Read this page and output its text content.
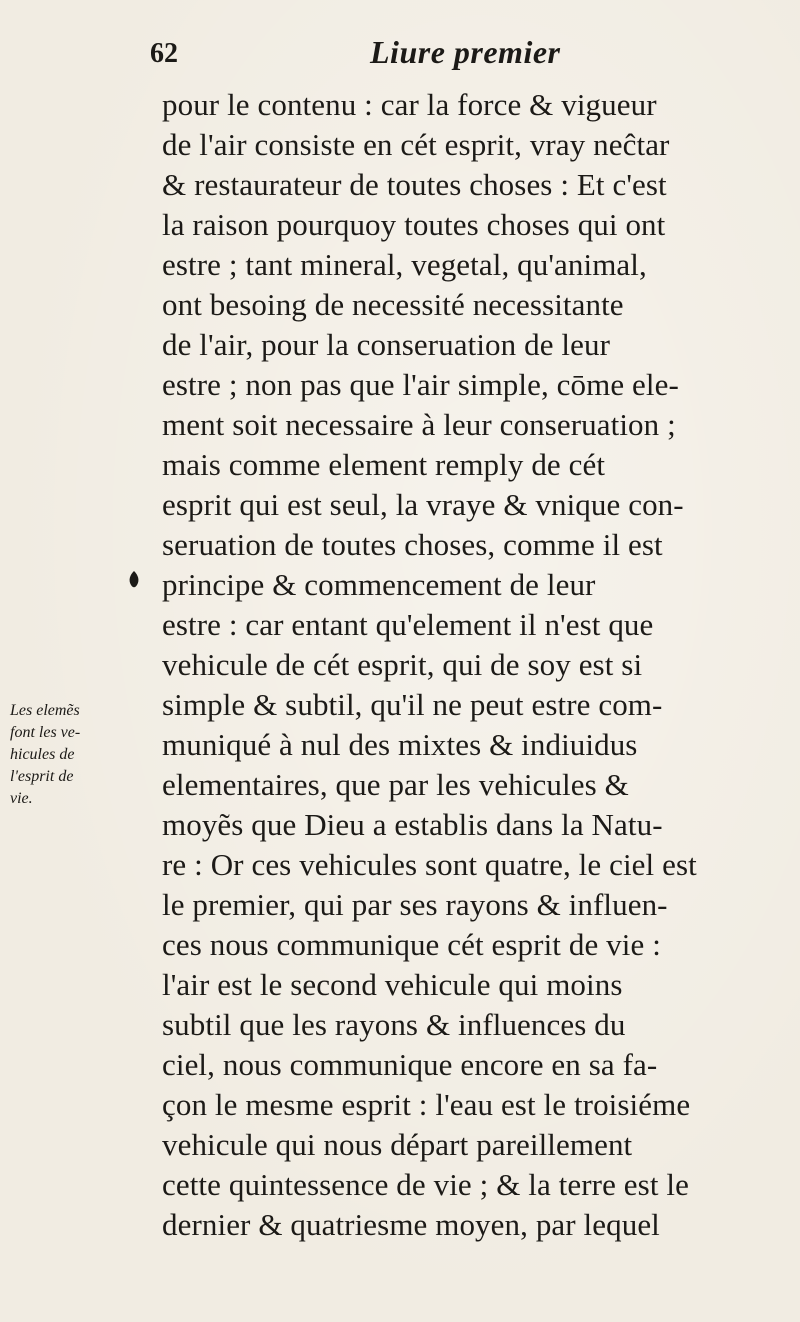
62	Liure premier
Les elemẽs
font les ve-
hicules de
l'esprit de
vie.
pour le contenu : car la force & vigueur
de l'air consiste en cét esprit, vray neĉtar
& restaurateur de toutes choses : Et c'est
la raison pourquoy toutes choses qui ont
estre ; tant mineral, vegetal, qu'animal,
ont besoing de necessité necessitante
de l'air, pour la conseruation de leur
estre ; non pas que l'air simple, cōme ele-
ment soit necessaire à leur conseruation ;
mais comme element remply de cét
esprit qui est seul, la vraye & vnique con-
seruation de toutes choses, comme il est
principe & commencement de leur
estre : car entant qu'element il n'est que
vehicule de cét esprit, qui de soy est si
simple & subtil, qu'il ne peut estre com-
muniqué à nul des mixtes & indiuidus
elementaires, que par les vehicules &
moyẽs que Dieu a establis dans la Natu-
re : Or ces vehicules sont quatre, le ciel est
le premier, qui par ses rayons & influen-
ces nous communique cét esprit de vie :
l'air est le second vehicule qui moins
subtil que les rayons & influences du
ciel, nous communique encore en sa fa-
çon le mesme esprit : l'eau est le troisiéme
vehicule qui nous départ pareillement
cette quintessence de vie ; & la terre est le
dernier & quatriesme moyen, par lequel
